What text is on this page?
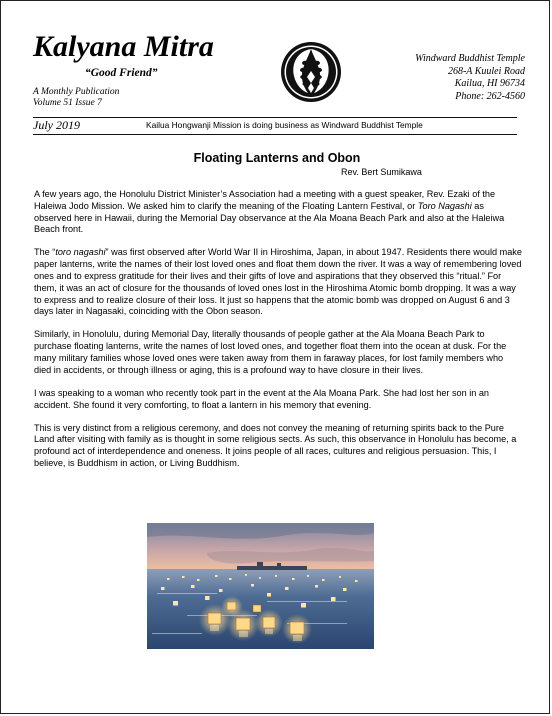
Kalyana Mitra
“Good Friend”
A Monthly Publication
Volume 51 Issue 7
Windward Buddhist Temple
268-A Kuulei Road
Kailua, HI 96734
Phone: 262-4560
July 2019	Kailua Hongwanji Mission is doing business as Windward Buddhist Temple
Floating Lanterns and Obon
Rev. Bert Sumikawa

A few years ago, the Honolulu District Minister’s Association had a meeting with a guest speaker, Rev. Ezaki of the Haleiwa Jodo Mission. We asked him to clarify the meaning of the Floating Lantern Festival, or Toro Nagashi as observed here in Hawaii, during the Memorial Day observance at the Ala Moana Beach Park and also at the Haleiwa Beach front.

The “toro nagashi” was first observed after World War II in Hiroshima, Japan, in about 1947. Residents there would make paper lanterns, write the names of their lost loved ones and float them down the river. It was a way of remembering loved ones and to express gratitude for their lives and their gifts of love and aspirations that they observed this “ritual.” For them, it was an act of closure for the thousands of loved ones lost in the Hiroshima Atomic bomb dropping. It was a way to express and to realize closure of their loss. It just so happens that the atomic bomb was dropped on August 6 and 3 days later in Nagasaki, coinciding with the Obon season.

Similarly, in Honolulu, during Memorial Day, literally thousands of people gather at the Ala Moana Beach Park to purchase floating lanterns, write the names of lost loved ones, and together float them into the ocean at dusk. For the many military families whose loved ones were taken away from them in faraway places, for lost family members who died in accidents, or through illness or aging, this is a profound way to have closure in their lives.

I was speaking to a woman who recently took part in the event at the Ala Moana Park. She had lost her son in an accident. She found it very comforting, to float a lantern in his memory that evening.

This is very distinct from a religious ceremony, and does not convey the meaning of returning spirits back to the Pure Land after visiting with family as is thought in some religious sects. As such, this observance in Honolulu has become, a profound act of interdependence and oneness. It joins people of all races, cultures and religious persuasion. This, I believe, is Buddhism in action, or Living Buddhism.
